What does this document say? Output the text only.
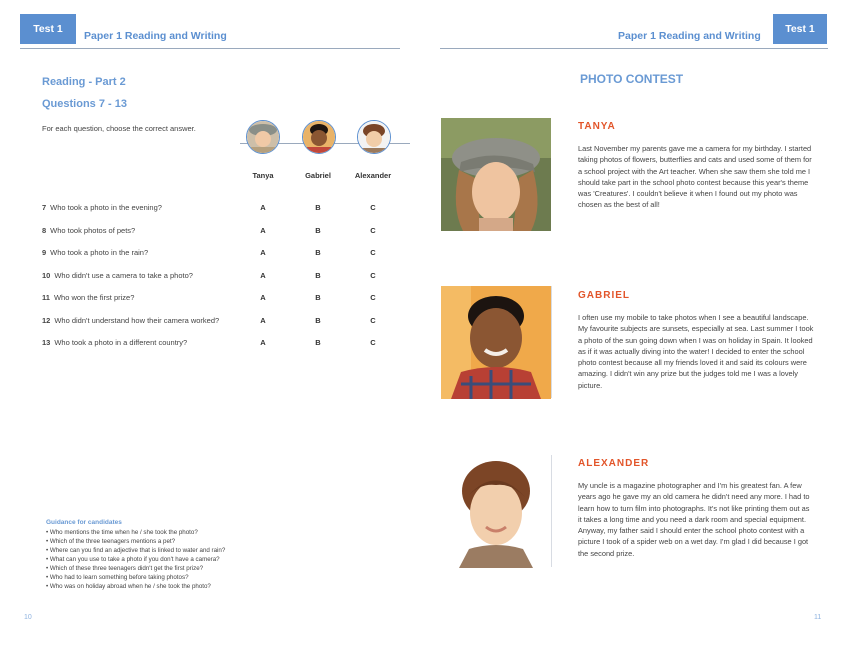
Test 1
Paper 1 Reading and Writing	Paper 1 Reading and Writing
Test 1
Reading - Part 2
Questions 7 - 13
For each question, choose the correct answer.
Tanya	Gabriel	Alexander
7 Who took a photo in the evening?	A	B	C
8 Who took photos of pets?	A	B	C
9 Who took a photo in the rain?	A	B	C
10 Who didn't use a camera to take a photo?	A	B	C
11 Who won the first prize?	A	B	C
12 Who didn't understand how their camera worked?	A	B	C
13 Who took a photo in a different country?	A	B	C
Guidance for candidates
• Who mentions the time when he / she took the photo?
• Which of the three teenagers mentions a pet?
• Where can you find an adjective that is linked to water and rain?
• What can you use to take a photo if you don't have a camera?
• Which of these three teenagers didn't get the first prize?
• Who had to learn something before taking photos?
• Who was on holiday abroad when he / she took the photo?
10
PHOTO CONTEST
TANYA
Last November my parents gave me a camera for my birthday. I started taking photos of flowers, butterflies and cats and used some of them for a school project with the Art teacher. When she saw them she told me I should take part in the school photo contest because this year's theme was 'Creatures'. I couldn't believe it when I found out my photo was chosen as the best of all!
GABRIEL
I often use my mobile to take photos when I see a beautiful landscape. My favourite subjects are sunsets, especially at sea. Last summer I took a photo of the sun going down when I was on holiday in Spain. It looked as if it was actually diving into the water! I decided to enter the school photo contest because all my friends loved it and said its colours were amazing. I didn't win any prize but the judges told me I was a lovely picture.
ALEXANDER
My uncle is a magazine photographer and I'm his greatest fan. A few years ago he gave my an old camera he didn't need any more. I had to learn how to turn film into photographs. It's not like printing them out as it takes a long time and you need a dark room and special equipment. Anyway, my father said I should enter the school photo contest with a picture I took of a spider web on a wet day. I'm glad I did because I got the second prize.
11
